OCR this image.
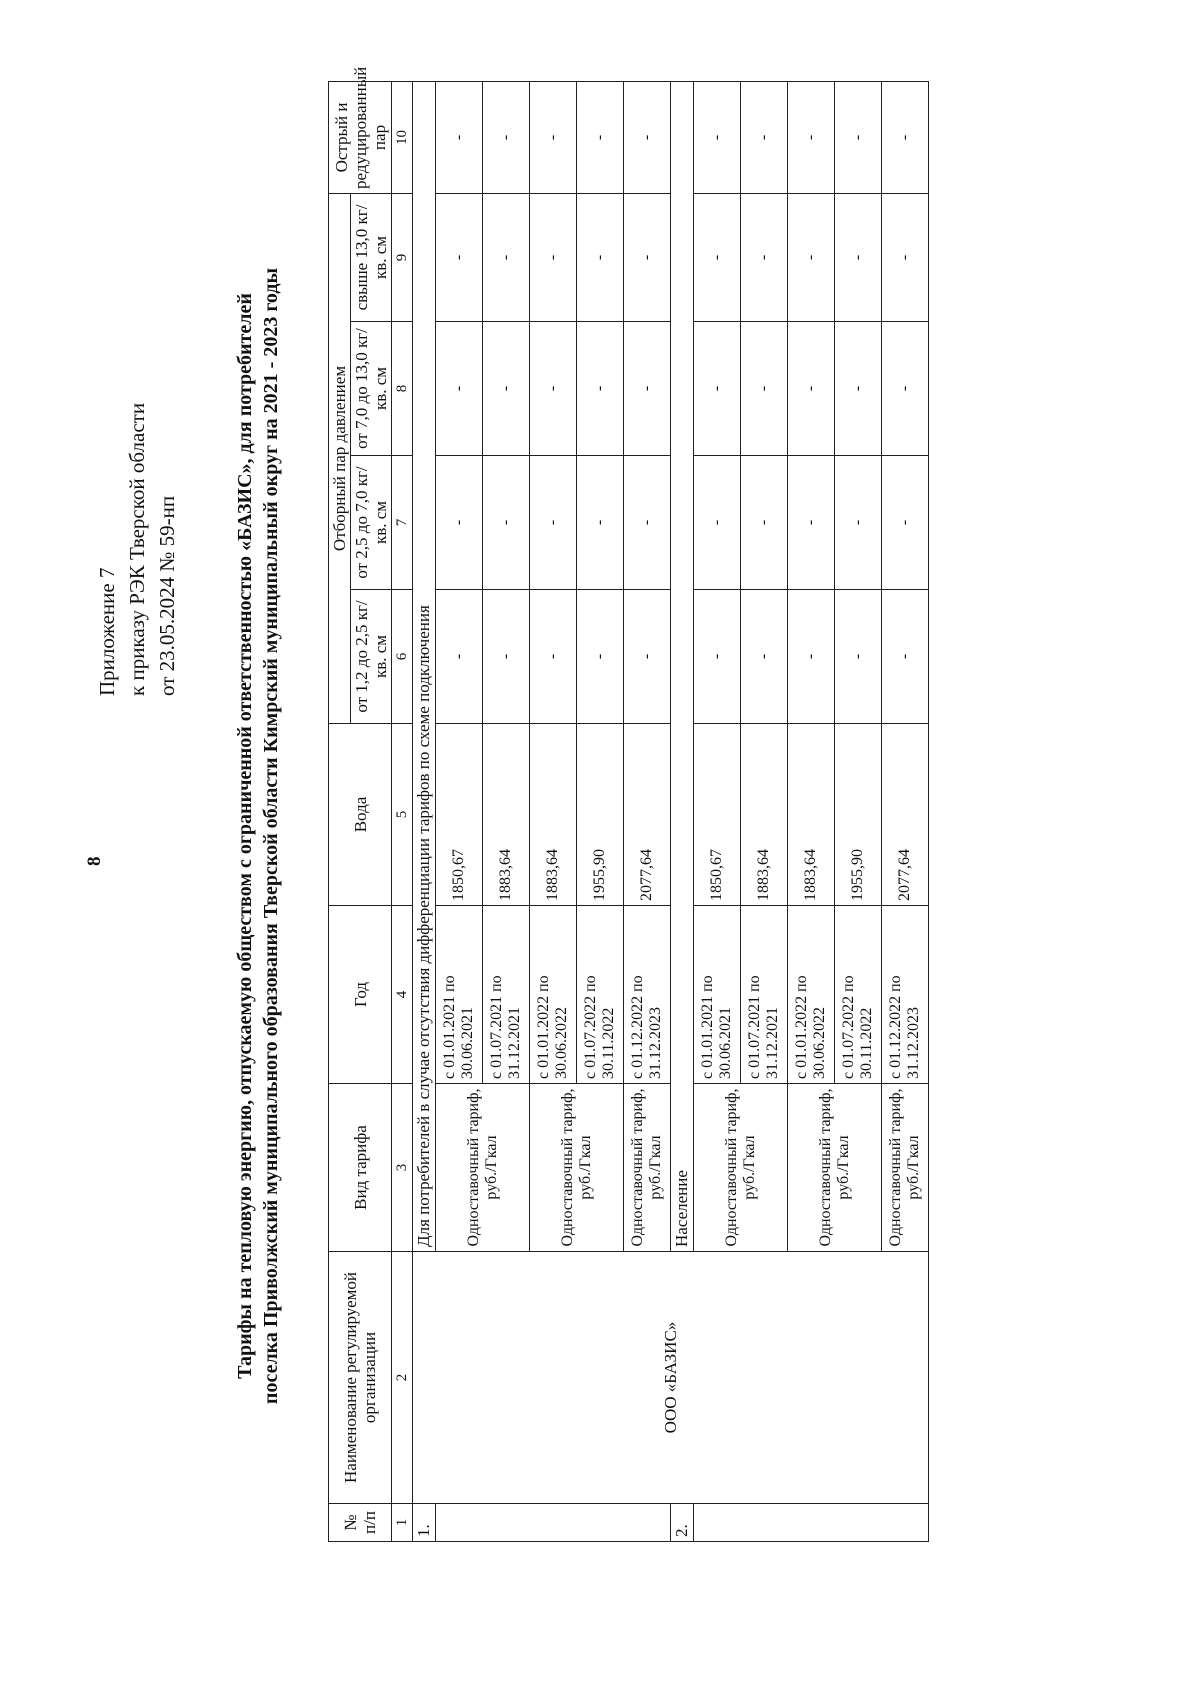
8
Приложение 7 к приказу РЭК Тверской области от 23.05.2024 № 59-нп	Тарифы на тепловую энергию, отпускаемую обществом с ограниченной ответственностью «БАЗИС», для потребителей поселка Приволжский муниципального образования Тверской области Кимрский муниципальный округ на 2021 - 2023 годы
№ п/п	Наименование регулируемой организации	Вид тарифа	Год	Вода	Отборный пар давлением				Острый и редуцированный пар
					от 1,2 до 2,5 кг/кв. см	от 2,5 до 7,0 кг/кв. см	от 7,0 до 13,0 кг/кв. см	свыше 13,0 кг/кв. см	
1	2	3	4	5	6	7	8	9	10
1.	ООО «БАЗИС»	Для потребителей в случае отсутствия дифференциации тарифов по схеме подключения							
		Одноставочный тариф, руб./Гкал	с 01.01.2021 по 30.06.2021	1850,67	-	-	-	-	-
			с 01.07.2021 по 31.12.2021	1883,64	-	-	-	-	-
		Одноставочный тариф, руб./Гкал	с 01.01.2022 по 30.06.2022	1883,64	-	-	-	-	-
			с 01.07.2022 по 30.11.2022	1955,90	-	-	-	-	-
		Одноставочный тариф, руб./Гкал	с 01.12.2022 по 31.12.2023	2077,64	-	-	-	-	-
2.		Население							
		Одноставочный тариф, руб./Гкал	с 01.01.2021 по 30.06.2021	1850,67	-	-	-	-	-
			с 01.07.2021 по 31.12.2021	1883,64	-	-	-	-	-
		Одноставочный тариф, руб./Гкал	с 01.01.2022 по 30.06.2022	1883,64	-	-	-	-	-
			с 01.07.2022 по 30.11.2022	1955,90	-	-	-	-	-
		Одноставочный тариф, руб./Гкал	с 01.12.2022 по 31.12.2023	2077,64	-	-	-	-	-
